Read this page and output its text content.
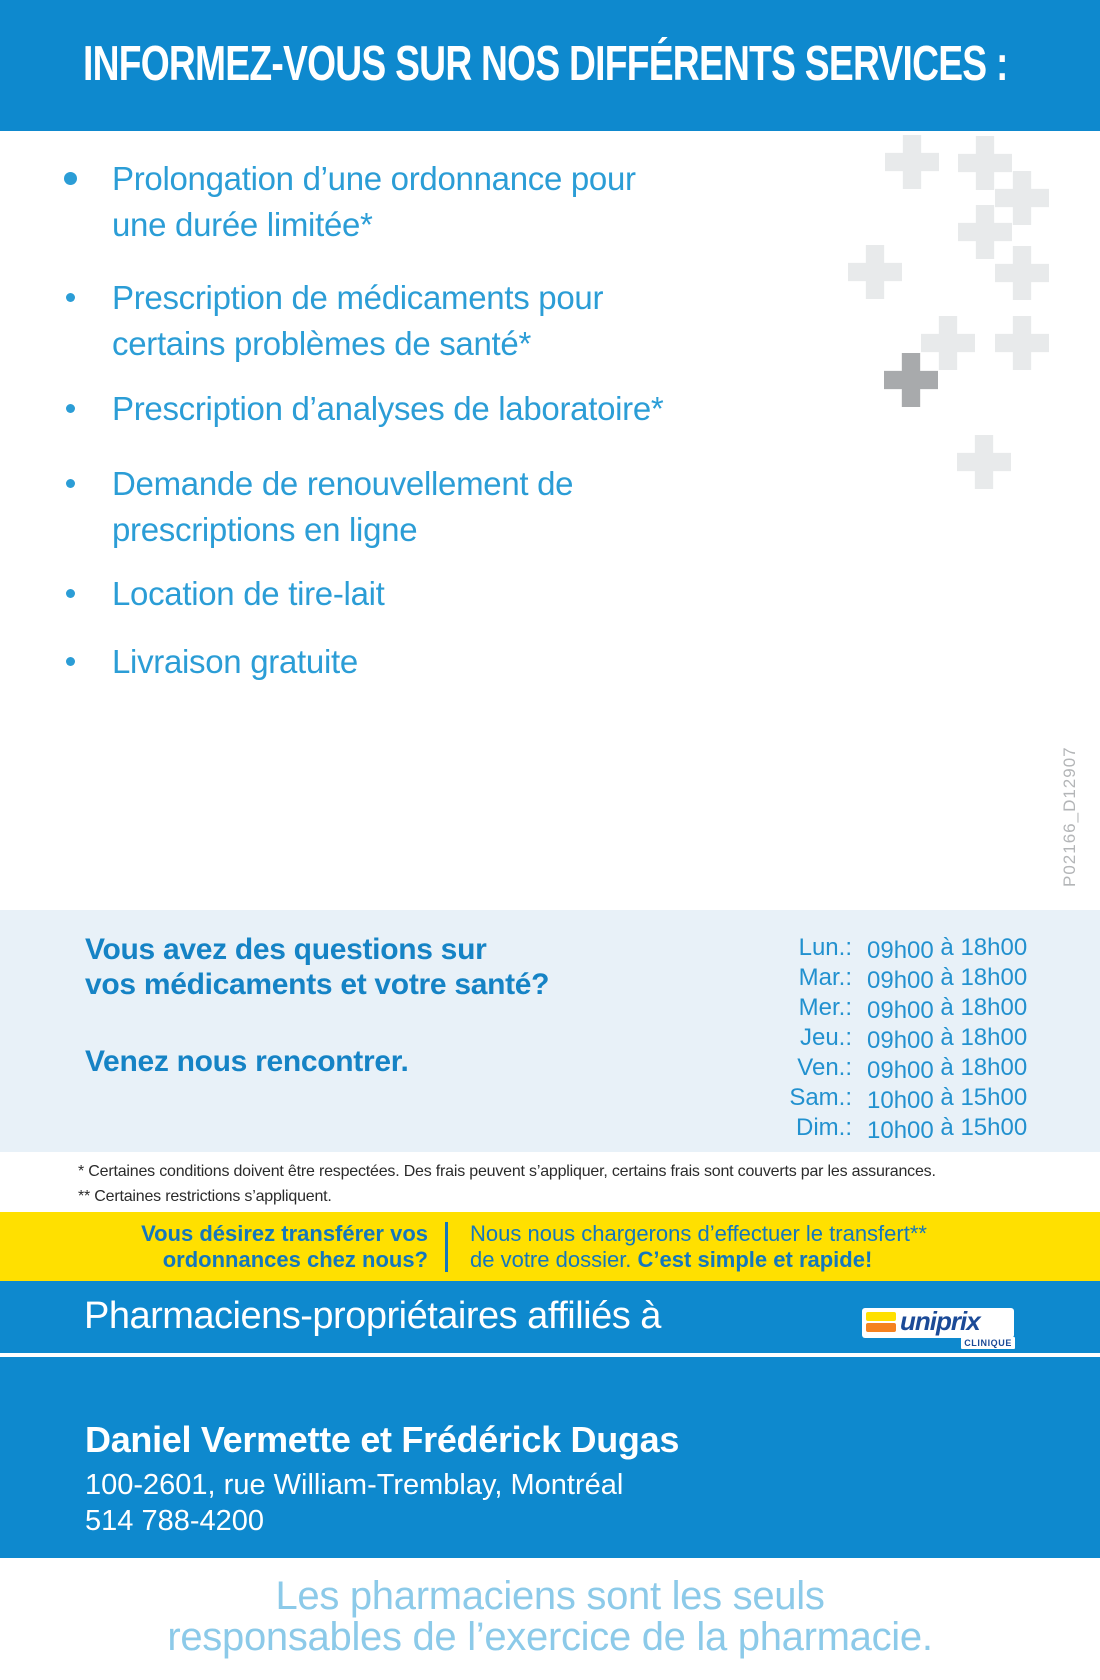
INFORMEZ-VOUS SUR NOS DIFFÉRENTS SERVICES :
Prolongation d’une ordonnance pour
une durée limitée*
Prescription de médicaments pour
certains problèmes de santé*
Prescription d’analyses de laboratoire*
Demande de renouvellement de
prescriptions en ligne
Location de tire-lait
Livraison gratuite
P02166_D12907
Vous avez des questions sur
vos médicaments et votre santé?
Venez nous rencontrer.
Lun.: 09h00 à 18h00
Mar.: 09h00 à 18h00
Mer.: 09h00 à 18h00
Jeu.: 09h00 à 18h00
Ven.: 09h00 à 18h00
Sam.: 10h00 à 15h00
Dim.: 10h00 à 15h00

* Certaines conditions doivent être respectées. Des frais peuvent s’appliquer, certains frais sont couverts par les assurances.
** Certaines restrictions s’appliquent.

Vous désirez transférer vos
ordonnances chez nous?
Nous nous chargerons d’effectuer le transfert**
de votre dossier. C’est simple et rapide!
Pharmaciens-propriétaires affiliés à	uniprix
CLINIQUE

Daniel Vermette et Frédérick Dugas

100-2601, rue William-Tremblay, Montréal

514 788-4200

Les pharmaciens sont les seuls
responsables de l’exercice de la pharmacie.
